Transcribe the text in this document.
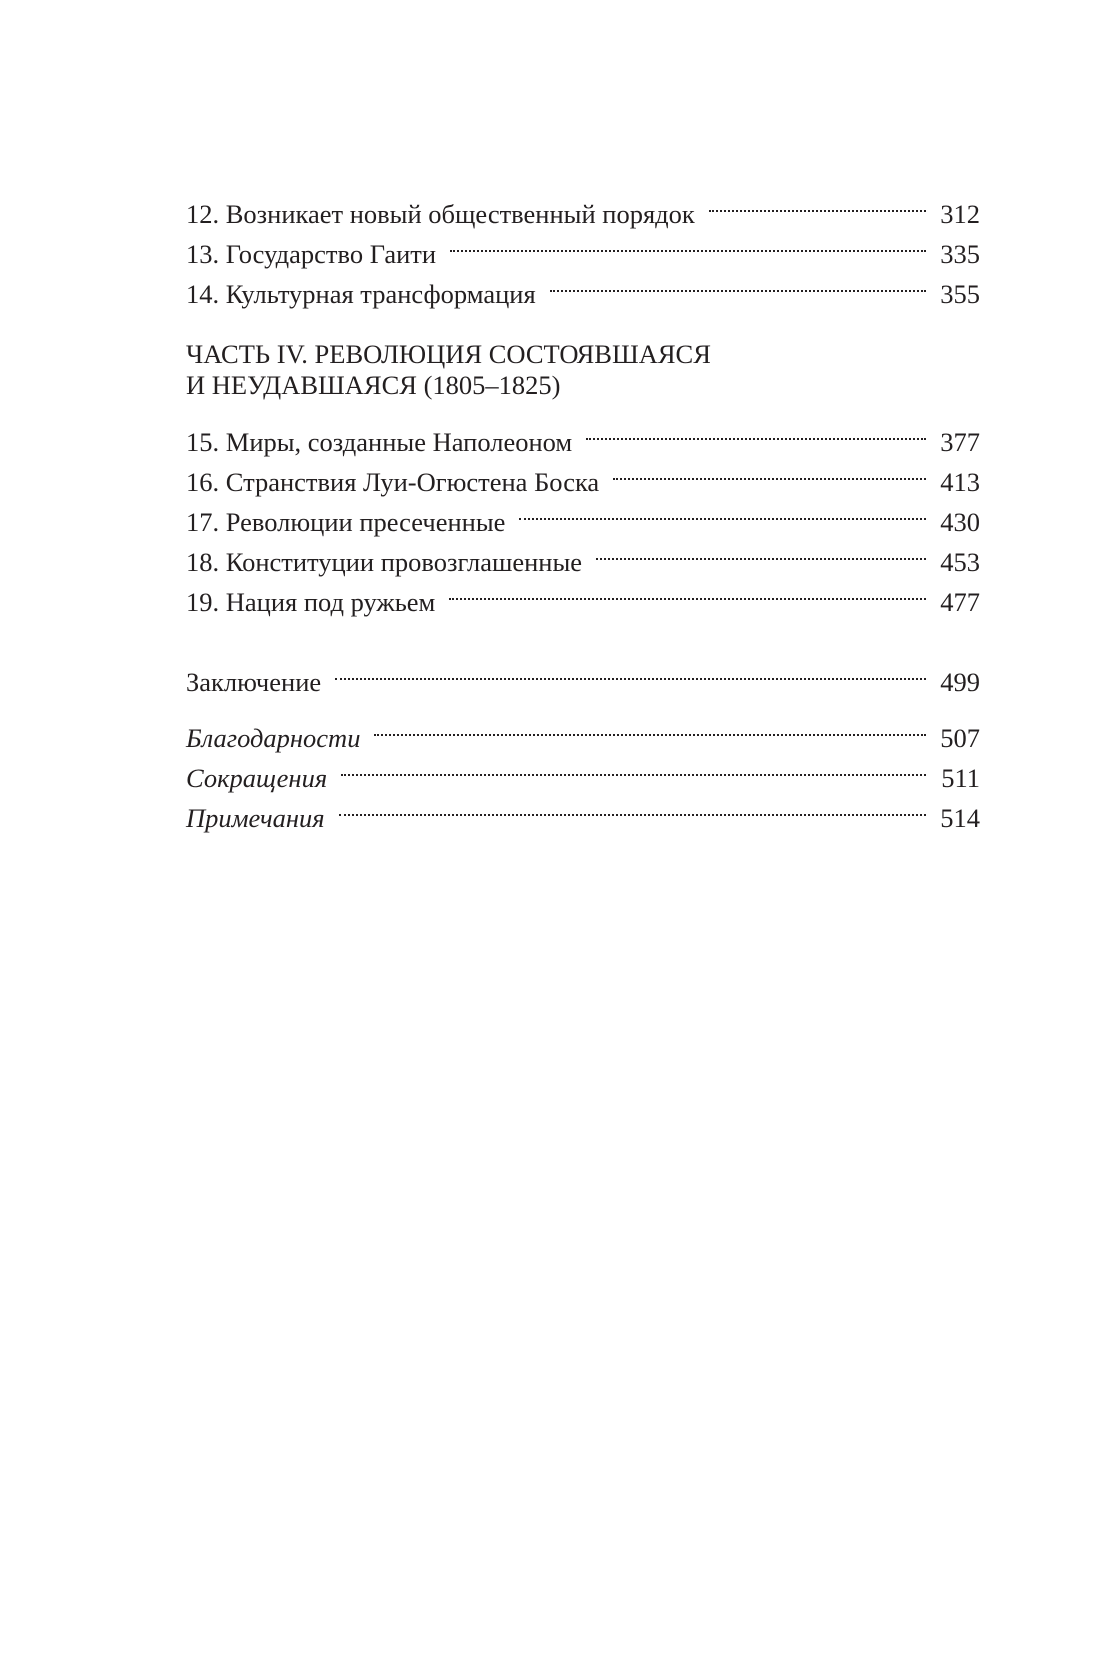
12. Возникает новый общественный порядок	312
13. Государство Гаити	335
14. Культурная трансформация	355
ЧАСТЬ IV. РЕВОЛЮЦИЯ СОСТОЯВШАЯСЯ
И НЕУДАВШАЯСЯ (1805–1825)
15. Миры, созданные Наполеоном	377
16. Странствия Луи-Огюстена Боска	413
17. Революции пресеченные	430
18. Конституции провозглашенные	453
19. Нация под ружьем	477
Заключение	499
Благодарности	507
Сокращения	511
Примечания	514
